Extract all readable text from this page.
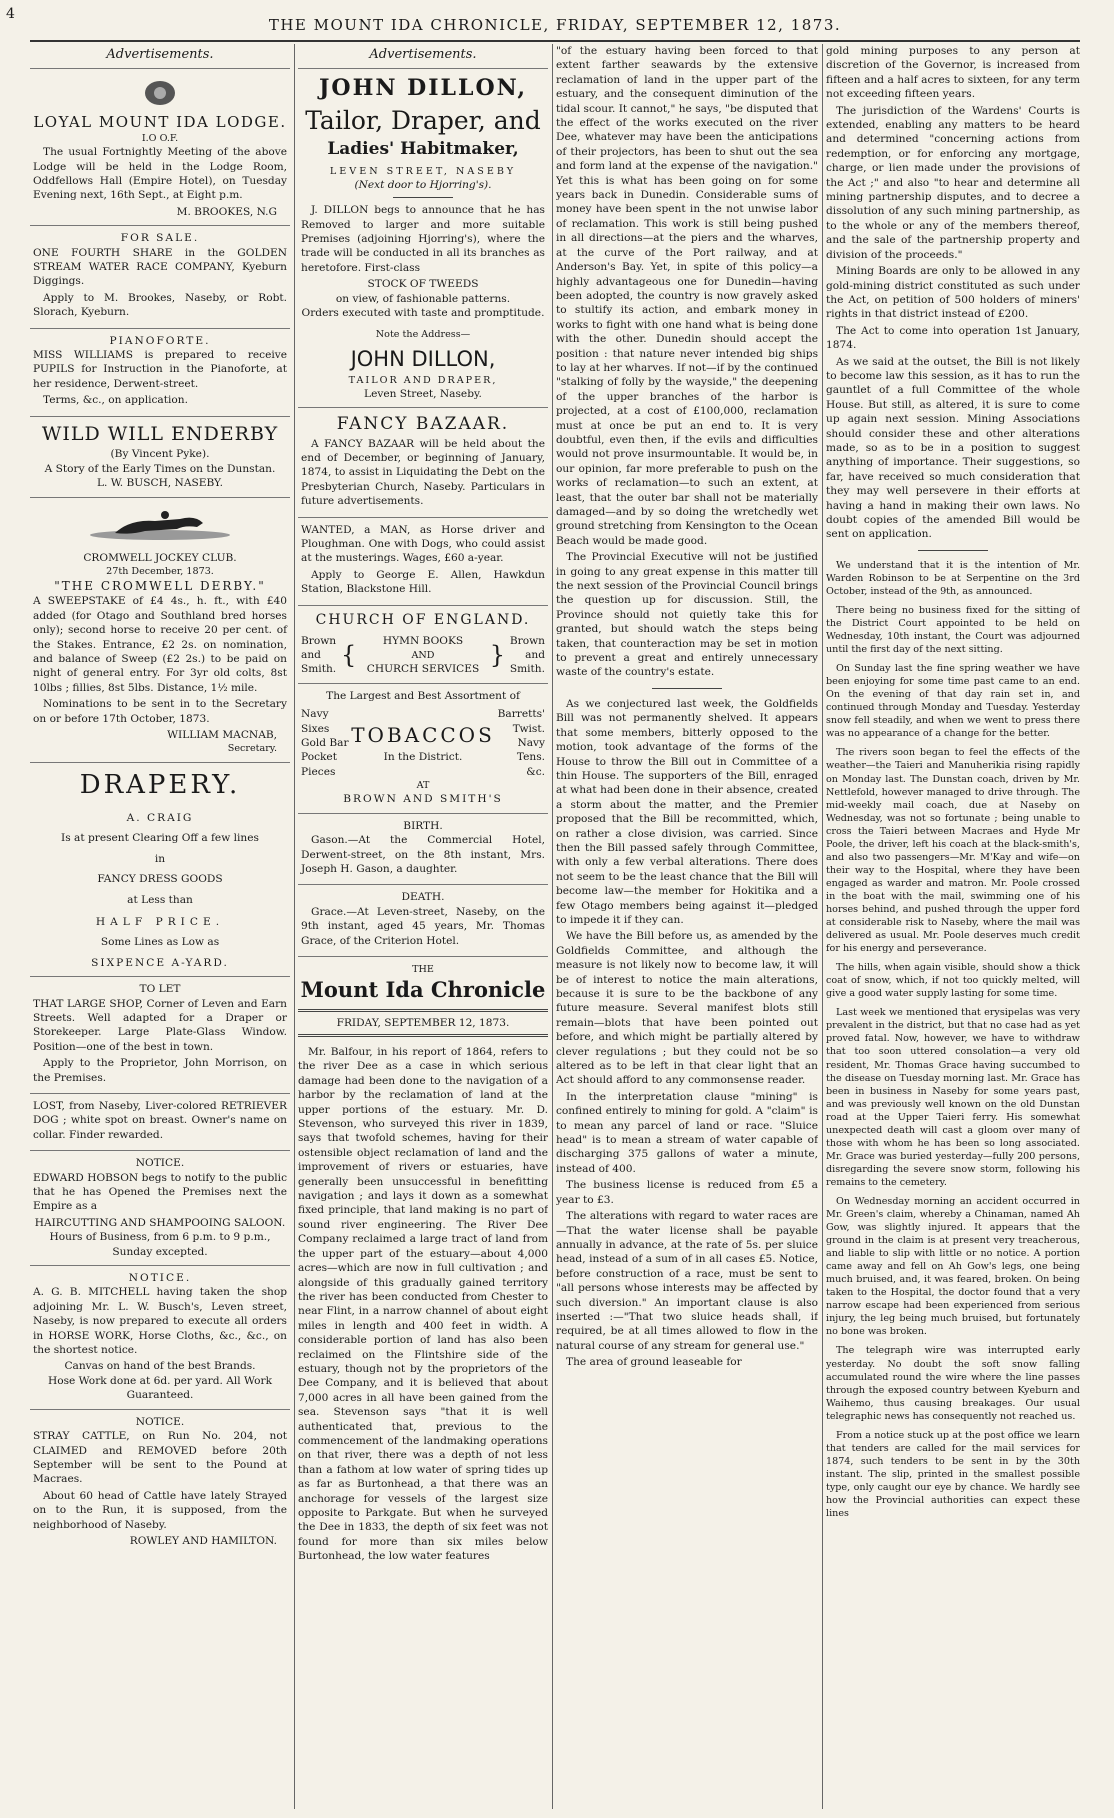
4
THE MOUNT IDA CHRONICLE, FRIDAY, SEPTEMBER 12, 1873.
Advertisements.
LOYAL MOUNT IDA LODGE.
I.O O.F.

The usual Fortnightly Meeting of the above Lodge will be held in the Lodge Room, Oddfellows Hall (Empire Hotel), on Tuesday Evening next, 16th Sept., at Eight p.m.

M. BROOKES, N.G
FOR SALE.

ONE FOURTH SHARE in the GOLDEN STREAM WATER RACE COMPANY, Kyeburn Diggings.

Apply to M. Brookes, Naseby, or Robt. Slorach, Kyeburn.

PIANOFORTE.

MISS WILLIAMS is prepared to receive PUPILS for Instruction in the Pianoforte, at her residence, Derwent-street.

Terms, &c., on application.

WILD WILL ENDERBY
(By Vincent Pyke).
A Story of the Early Times on the Dunstan.
L. W. BUSCH, NASEBY.
CROMWELL JOCKEY CLUB.
27th December, 1873.
"THE CROMWELL DERBY."

A SWEEPSTAKE of £4 4s., h. ft., with £40 added (for Otago and Southland bred horses only); second horse to receive 20 per cent. of the Stakes. Entrance, £2 2s. on nomination, and balance of Sweep (£2 2s.) to be paid on night of general entry. For 3yr old colts, 8st 10lbs ; fillies, 8st 5lbs. Distance, 1½ mile.

Nominations to be sent in to the Secretary on or before 17th October, 1873.

WILLIAM MACNAB,
Secretary.
DRAPERY.
A. CRAIG
Is at present Clearing Off a few lines
in
FANCY DRESS GOODS
at Less than
HALF PRICE.
Some Lines as Low as
SIXPENCE A-YARD.
TO LET

THAT LARGE SHOP, Corner of Leven and Earn Streets. Well adapted for a Draper or Storekeeper. Large Plate-Glass Window. Position—one of the best in town.

Apply to the Proprietor, John Morrison, on the Premises.

LOST, from Naseby, Liver-colored RETRIEVER DOG ; white spot on breast. Owner's name on collar. Finder rewarded.

NOTICE.

EDWARD HOBSON begs to notify to the public that he has Opened the Premises next the Empire as a

HAIRCUTTING AND SHAMPOOING SALOON.
Hours of Business, from 6 p.m. to 9 p.m., Sunday excepted.
NOTICE.

A. G. B. MITCHELL having taken the shop adjoining Mr. L. W. Busch's, Leven street, Naseby, is now prepared to execute all orders in HORSE WORK, Horse Cloths, &c., &c., on the shortest notice.

Canvas on hand of the best Brands.
Hose Work done at 6d. per yard. All Work Guaranteed.
NOTICE.

STRAY CATTLE, on Run No. 204, not CLAIMED and REMOVED before 20th September will be sent to the Pound at Macraes.

About 60 head of Cattle have lately Strayed on to the Run, it is supposed, from the neighborhood of Naseby.

ROWLEY AND HAMILTON.
Advertisements.
JOHN DILLON,
Tailor, Draper, and
Ladies' Habitmaker,
LEVEN STREET, NASEBY
(Next door to Hjorring's).

J. DILLON begs to announce that he has Removed to larger and more suitable Premises (adjoining Hjorring's), where the trade will be conducted in all its branches as heretofore. First-class

STOCK OF TWEEDS
on view, of fashionable patterns.
Orders executed with taste and promptitude.
Note the Address—
JOHN DILLON,
TAILOR AND DRAPER,
Leven Street, Naseby.
FANCY BAZAAR.

A FANCY BAZAAR will be held about the end of December, or beginning of January, 1874, to assist in Liquidating the Debt on the Presbyterian Church, Naseby. Particulars in future advertisements.

WANTED, a MAN, as Horse driver and Ploughman. One with Dogs, who could assist at the musterings. Wages, £60 a-year.

Apply to George E. Allen, Hawkdun Station, Blackstone Hill.

CHURCH OF ENGLAND.
Brown and Smith.
{	HYMN BOOKS
AND
CHURCH SERVICES }
Brown and Smith.
The Largest and Best Assortment of
Navy Sixes Gold Bar Pocket Pieces
TOBACCOS
In the District.
Barretts' Twist. Navy Tens. &c.
AT
BROWN AND SMITH'S
BIRTH.

Gason.—At the Commercial Hotel, Derwent-street, on the 8th instant, Mrs. Joseph H. Gason, a daughter.

DEATH.

Grace.—At Leven-street, Naseby, on the 9th instant, aged 45 years, Mr. Thomas Grace, of the Criterion Hotel.

THE
Mount Ida Chronicle
FRIDAY, SEPTEMBER 12, 1873.

Mr. Balfour, in his report of 1864, refers to the river Dee as a case in which serious damage had been done to the navigation of a harbor by the reclamation of land at the upper portions of the estuary. Mr. D. Stevenson, who surveyed this river in 1839, says that twofold schemes, having for their ostensible object reclamation of land and the improvement of rivers or estuaries, have generally been unsuccessful in benefitting navigation ; and lays it down as a somewhat fixed principle, that land making is no part of sound river engineering. The River Dee Company reclaimed a large tract of land from the upper part of the estuary—about 4,000 acres—which are now in full cultivation ; and alongside of this gradually gained territory the river has been conducted from Chester to near Flint, in a narrow channel of about eight miles in length and 400 feet in width. A considerable portion of land has also been reclaimed on the Flintshire side of the estuary, though not by the proprietors of the Dee Company, and it is believed that about 7,000 acres in all have been gained from the sea. Stevenson says "that it is well authenticated that, previous to the commencement of the landmaking operations on that river, there was a depth of not less than a fathom at low water of spring tides up as far as Burtonhead, a that there was an anchorage for vessels of the largest size opposite to Parkgate. But when he surveyed the Dee in 1833, the depth of six feet was not found for more than six miles below Burtonhead, the low water features

"of the estuary having been forced to that extent farther seawards by the extensive reclamation of land in the upper part of the estuary, and the consequent diminution of the tidal scour. It cannot," he says, "be disputed that the effect of the works executed on the river Dee, whatever may have been the anticipations of their projectors, has been to shut out the sea and form land at the expense of the navigation." Yet this is what has been going on for some years back in Dunedin. Considerable sums of money have been spent in the not unwise labor of reclamation. This work is still being pushed in all directions—at the piers and the wharves, at the curve of the Port railway, and at Anderson's Bay. Yet, in spite of this policy—a highly advantageous one for Dunedin—having been adopted, the country is now gravely asked to stultify its action, and embark money in works to fight with one hand what is being done with the other. Dunedin should accept the position : that nature never intended big ships to lay at her wharves. If not—if by the continued "stalking of folly by the wayside," the deepening of the upper branches of the harbor is projected, at a cost of £100,000, reclamation must at once be put an end to. It is very doubtful, even then, if the evils and difficulties would not prove insurmountable. It would be, in our opinion, far more preferable to push on the works of reclamation—to such an extent, at least, that the outer bar shall not be materially damaged—and by so doing the wretchedly wet ground stretching from Kensington to the Ocean Beach would be made good.

The Provincial Executive will not be justified in going to any great expense in this matter till the next session of the Provincial Council brings the question up for discussion. Still, the Province should not quietly take this for granted, but should watch the steps being taken, that counteraction may be set in motion to prevent a great and entirely unnecessary waste of the country's estate.

As we conjectured last week, the Goldfields Bill was not permanently shelved. It appears that some members, bitterly opposed to the motion, took advantage of the forms of the House to throw the Bill out in Committee of a thin House. The supporters of the Bill, enraged at what had been done in their absence, created a storm about the matter, and the Premier proposed that the Bill be recommitted, which, on rather a close division, was carried. Since then the Bill passed safely through Committee, with only a few verbal alterations. There does not seem to be the least chance that the Bill will become law—the member for Hokitika and a few Otago members being against it—pledged to impede it if they can.

We have the Bill before us, as amended by the Goldfields Committee, and although the measure is not likely now to become law, it will be of interest to notice the main alterations, because it is sure to be the backbone of any future measure. Several manifest blots still remain—blots that have been pointed out before, and which might be partially altered by clever regulations ; but they could not be so altered as to be left in that clear light that an Act should afford to any commonsense reader.

In the interpretation clause "mining" is confined entirely to mining for gold. A "claim" is to mean any parcel of land or race. "Sluice head" is to mean a stream of water capable of discharging 375 gallons of water a minute, instead of 400.

The business license is reduced from £5 a year to £3.

The alterations with regard to water races are—That the water license shall be payable annually in advance, at the rate of 5s. per sluice head, instead of a sum of in all cases £5. Notice, before construction of a race, must be sent to "all persons whose interests may be affected by such diversion." An important clause is also inserted :—"That two sluice heads shall, if required, be at all times allowed to flow in the natural course of any stream for general use."

The area of ground leaseable for

gold mining purposes to any person at discretion of the Governor, is increased from fifteen and a half acres to sixteen, for any term not exceeding fifteen years.

The jurisdiction of the Wardens' Courts is extended, enabling any matters to be heard and determined "concerning actions from redemption, or for enforcing any mortgage, charge, or lien made under the provisions of the Act ;" and also "to hear and determine all mining partnership disputes, and to decree a dissolution of any such mining partnership, as to the whole or any of the members thereof, and the sale of the partnership property and division of the proceeds."

Mining Boards are only to be allowed in any gold-mining district constituted as such under the Act, on petition of 500 holders of miners' rights in that district instead of £200.

The Act to come into operation 1st January, 1874.

As we said at the outset, the Bill is not likely to become law this session, as it has to run the gauntlet of a full Committee of the whole House. But still, as altered, it is sure to come up again next session. Mining Associations should consider these and other alterations made, so as to be in a position to suggest anything of importance. Their suggestions, so far, have received so much consideration that they may well persevere in their efforts at having a hand in making their own laws. No doubt copies of the amended Bill would be sent on application.

We understand that it is the intention of Mr. Warden Robinson to be at Serpentine on the 3rd October, instead of the 9th, as announced.

There being no business fixed for the sitting of the District Court appointed to be held on Wednesday, 10th instant, the Court was adjourned until the first day of the next sitting.

On Sunday last the fine spring weather we have been enjoying for some time past came to an end. On the evening of that day rain set in, and continued through Monday and Tuesday. Yesterday snow fell steadily, and when we went to press there was no appearance of a change for the better.

The rivers soon began to feel the effects of the weather—the Taieri and Manuherikia rising rapidly on Monday last. The Dunstan coach, driven by Mr. Nettlefold, however managed to drive through. The mid-weekly mail coach, due at Naseby on Wednesday, was not so fortunate ; being unable to cross the Taieri between Macraes and Hyde Mr Poole, the driver, left his coach at the black-smith's, and also two passengers—Mr. M'Kay and wife—on their way to the Hospital, where they have been engaged as warder and matron. Mr. Poole crossed in the boat with the mail, swimming one of his horses behind, and pushed through the upper ford at considerable risk to Naseby, where the mail was delivered as usual. Mr. Poole deserves much credit for his energy and perseverance.

The hills, when again visible, should show a thick coat of snow, which, if not too quickly melted, will give a good water supply lasting for some time.

Last week we mentioned that erysipelas was very prevalent in the district, but that no case had as yet proved fatal. Now, however, we have to withdraw that too soon uttered consolation—a very old resident, Mr. Thomas Grace having succumbed to the disease on Tuesday morning last. Mr. Grace has been in business in Naseby for some years past, and was previously well known on the old Dunstan road at the Upper Taieri ferry. His somewhat unexpected death will cast a gloom over many of those with whom he has been so long associated. Mr. Grace was buried yesterday—fully 200 persons, disregarding the severe snow storm, following his remains to the cemetery.

On Wednesday morning an accident occurred in Mr. Green's claim, whereby a Chinaman, named Ah Gow, was slightly injured. It appears that the ground in the claim is at present very treacherous, and liable to slip with little or no notice. A portion came away and fell on Ah Gow's legs, one being much bruised, and, it was feared, broken. On being taken to the Hospital, the doctor found that a very narrow escape had been experienced from serious injury, the leg being much bruised, but fortunately no bone was broken.

The telegraph wire was interrupted early yesterday. No doubt the soft snow falling accumulated round the wire where the line passes through the exposed country between Kyeburn and Waihemo, thus causing breakages. Our usual telegraphic news has consequently not reached us.

From a notice stuck up at the post office we learn that tenders are called for the mail services for 1874, such tenders to be sent in by the 30th instant. The slip, printed in the smallest possible type, only caught our eye by chance. We hardly see how the Provincial authorities can expect these lines
